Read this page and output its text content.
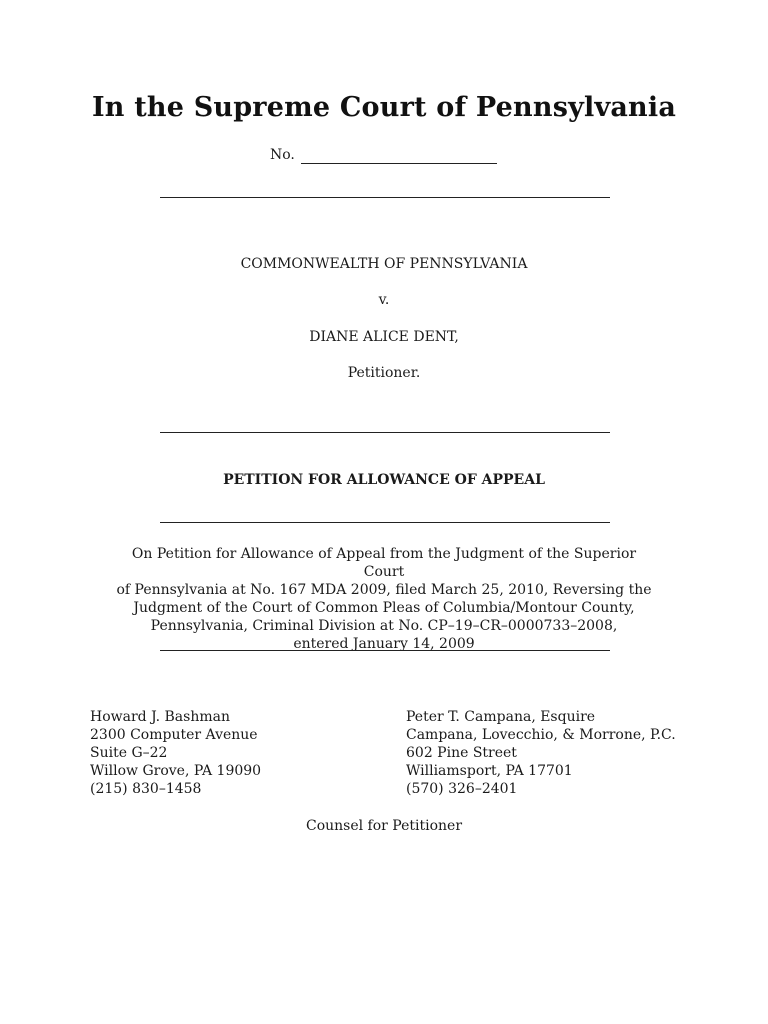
In the Supreme Court of Pennsylvania
No.
COMMONWEALTH OF PENNSYLVANIA
v.
DIANE ALICE DENT,
Petitioner.
PETITION FOR ALLOWANCE OF APPEAL
On Petition for Allowance of Appeal from the Judgment of the Superior Court
of Pennsylvania at No. 167 MDA 2009, filed March 25, 2010, Reversing the
Judgment of the Court of Common Pleas of Columbia/Montour County,
Pennsylvania, Criminal Division at No. CP–19–CR–0000733–2008,
entered January 14, 2009
Howard J. Bashman
2300 Computer Avenue
Suite G–22
Willow Grove, PA 19090
(215) 830–1458
Peter T. Campana, Esquire
Campana, Lovecchio, & Morrone, P.C.
602 Pine Street
Williamsport, PA 17701
(570) 326–2401
Counsel for Petitioner
